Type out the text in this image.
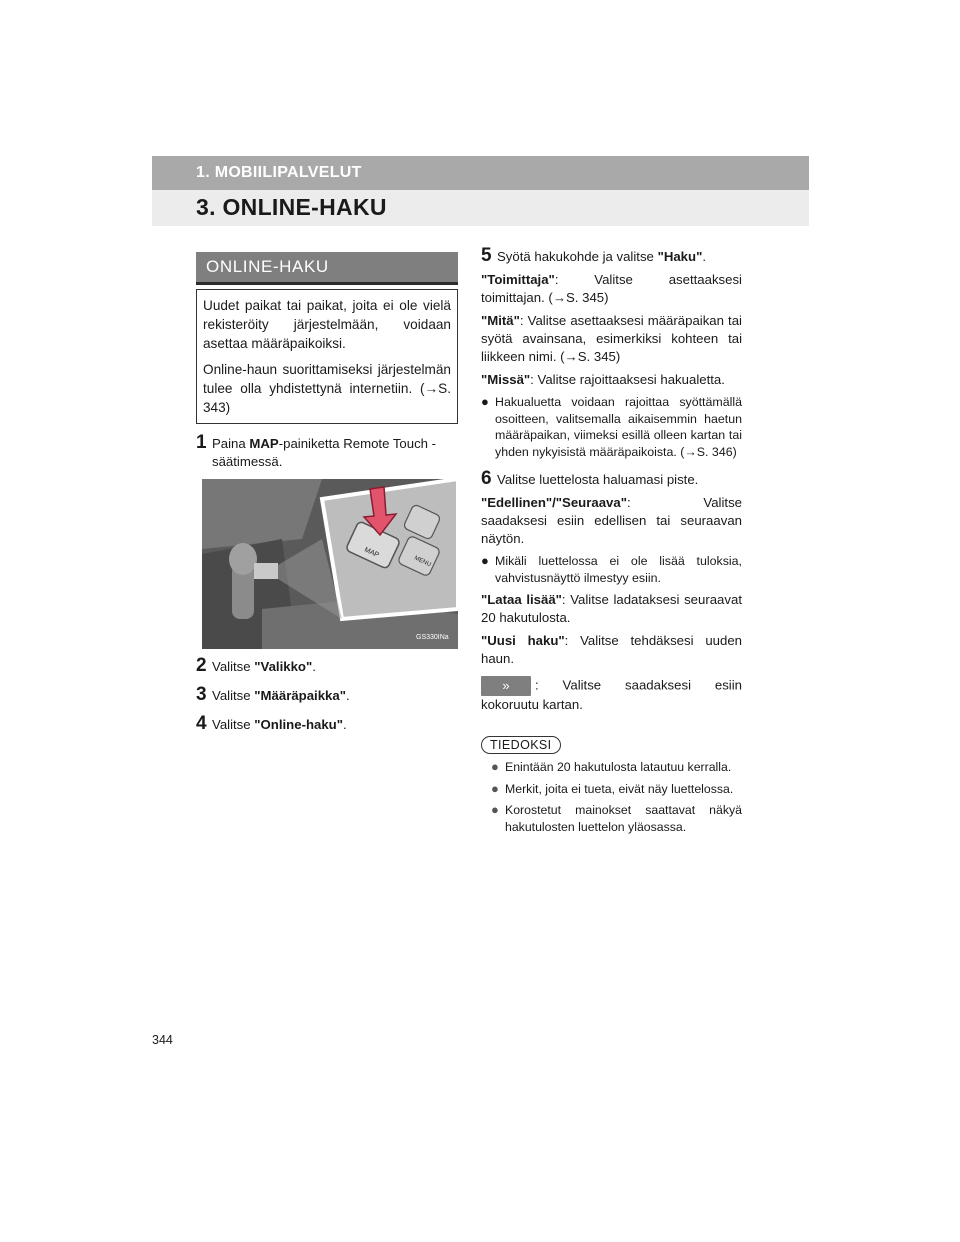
1. MOBIILIPALVELUT
3. ONLINE-HAKU
ONLINE-HAKU

Uudet paikat tai paikat, joita ei ole vielä rekisteröity järjestelmään, voidaan asettaa määräpaikoiksi.

Online-haun suorittamiseksi järjestelmän tulee olla yhdistettynä internetiin. (→S. 343)

1 Paina MAP-painiketta Remote Touch -säätimessä.
MAP
MENU
GS330INa
2 Valitse "Valikko".
3 Valitse "Määräpaikka".
4 Valitse "Online-haku".
5 Syötä hakukohde ja valitse "Haku".

"Toimittaja": Valitse asettaaksesi toimittajan. (→S. 345)

"Mitä": Valitse asettaaksesi määräpaikan tai syötä avainsana, esimerkiksi kohteen tai liikkeen nimi. (→S. 345)

"Missä": Valitse rajoittaaksesi hakualetta.

● Hakualuetta voidaan rajoittaa syöttämällä osoitteen, valitsemalla aikaisemmin haetun määräpaikan, viimeksi esillä olleen kartan tai yhden nykyisistä määräpaikoista. (→S. 346)
6 Valitse luettelosta haluamasi piste.

"Edellinen"/"Seuraava": Valitse saadaksesi esiin edellisen tai seuraavan näytön.

● Mikäli luettelossa ei ole lisää tuloksia, vahvistusnäyttö ilmestyy esiin.

"Lataa lisää": Valitse ladataksesi seuraavat 20 hakutulosta.

"Uusi haku": Valitse tehdäksesi uuden haun.

» : Valitse saadaksesi esiin kokoruutu kartan.

TIEDOKSI
● Enintään 20 hakutulosta latautuu kerralla.
● Merkit, joita ei tueta, eivät näy luettelossa.
● Korostetut mainokset saattavat näkyä hakutulosten luettelon yläosassa.
344
